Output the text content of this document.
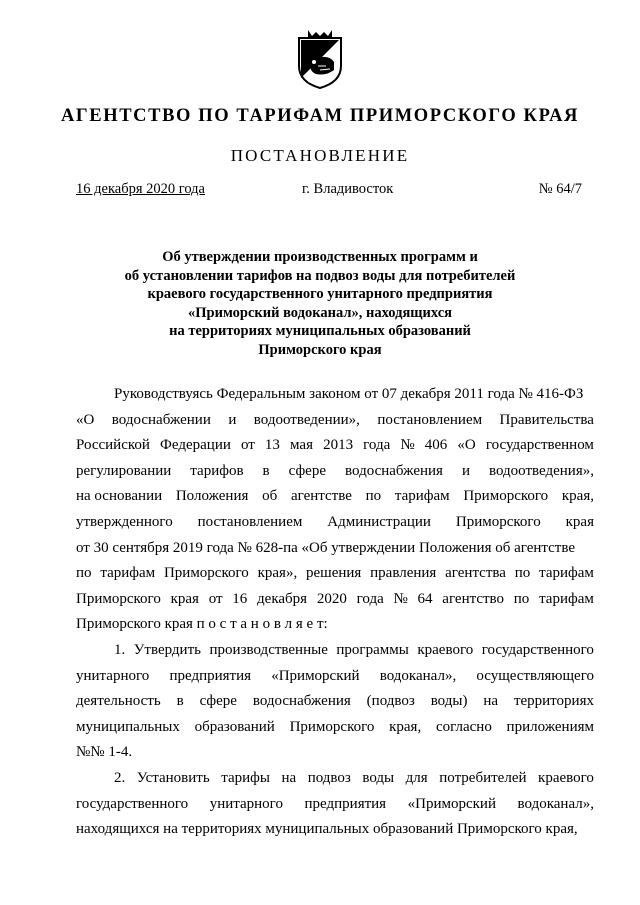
АГЕНТСТВО ПО ТАРИФАМ ПРИМОРСКОГО КРАЯ
ПОСТАНОВЛЕНИЕ
16 декабря 2020 года	г. Владивосток	№ 64/7
Об утверждении производственных программ и
об установлении тарифов на подвоз воды для потребителей
краевого государственного унитарного предприятия
«Приморский водоканал», находящихся
на территориях муниципальных образований
Приморского края
Руководствуясь Федеральным законом от 07 декабря 2011 года № 416-ФЗ
«О водоснабжении и водоотведении», постановлением Правительства
Российской Федерации от 13 мая 2013 года № 406 «О государственном
регулировании тарифов в сфере водоснабжения и водоотведения»,
на основании Положения об агентстве по тарифам Приморского края,
утвержденного постановлением Администрации Приморского края
от 30 сентября 2019 года № 628-па «Об утверждении Положения об агентстве
по тарифам Приморского края», решения правления агентства по тарифам
Приморского края от 16 декабря 2020 года № 64 агентство по тарифам
Приморского края п о с т а н о в л я е т:
1. Утвердить производственные программы краевого государственного
унитарного предприятия «Приморский водоканал», осуществляющего
деятельность в сфере водоснабжения (подвоз воды) на территориях
муниципальных образований Приморского края, согласно приложениям
№№ 1-4.
2. Установить тарифы на подвоз воды для потребителей краевого
государственного унитарного предприятия «Приморский водоканал»,
находящихся на территориях муниципальных образований Приморского края,
